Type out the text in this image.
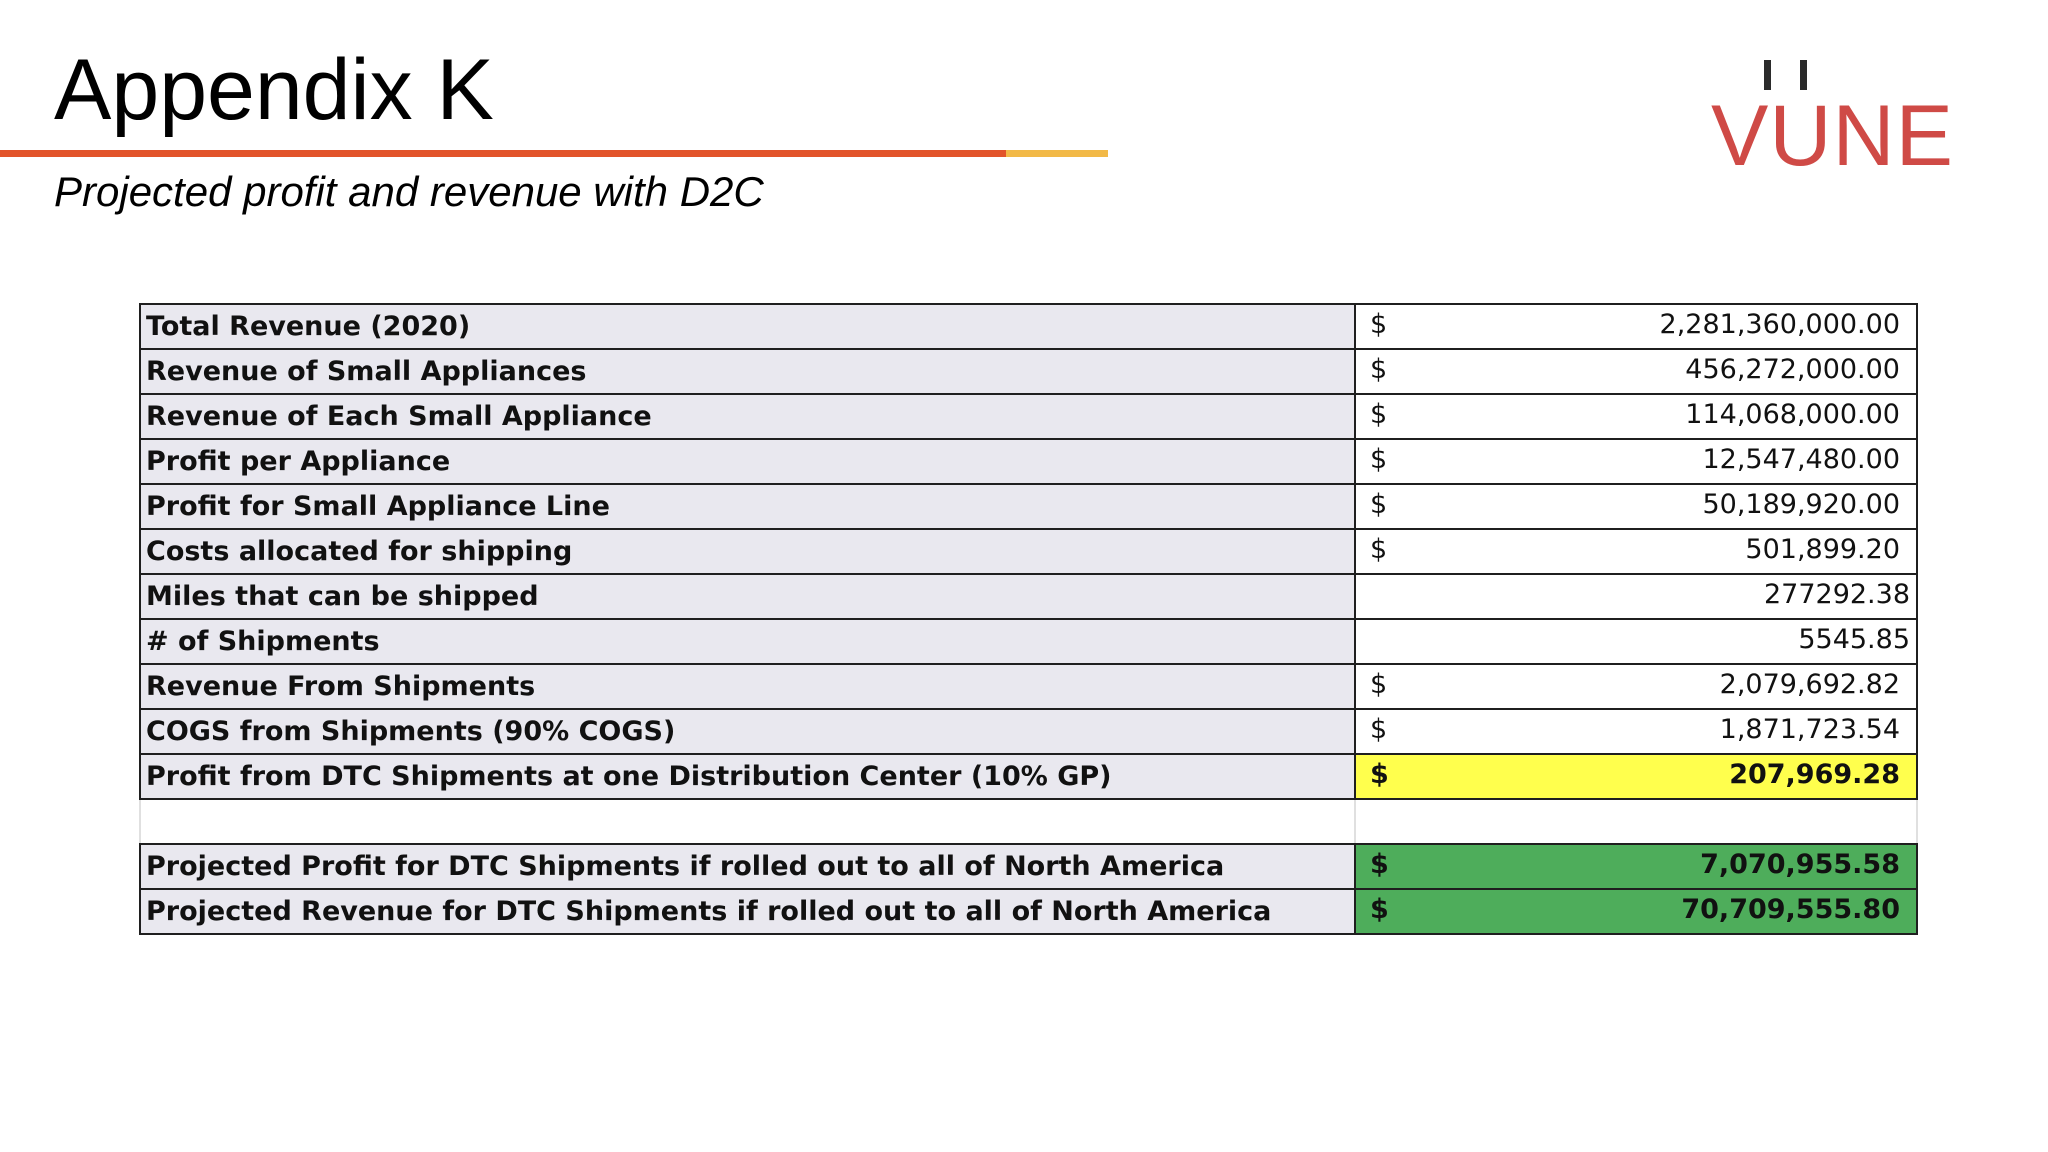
Appendix K
Projected profit and revenue with D2C
VUNE
Total Revenue (2020)	$ 2,281,360,000.00

Revenue of Small Appliances	$ 456,272,000.00

Revenue of Each Small Appliance	$ 114,068,000.00

Profit per Appliance	$ 12,547,480.00

Profit for Small Appliance Line	$ 50,189,920.00

Costs allocated for shipping	$ 501,899.20

Miles that can be shipped	277292.38

# of Shipments	5545.85

Revenue From Shipments	$ 2,079,692.82

COGS from Shipments (90% COGS)	$ 1,871,723.54

Profit from DTC Shipments at one Distribution Center (10% GP)	$ 207,969.28

Projected Profit for DTC Shipments if rolled out to all of North America	$ 7,070,955.58

Projected Revenue for DTC Shipments if rolled out to all of North America	$ 70,709,555.80
